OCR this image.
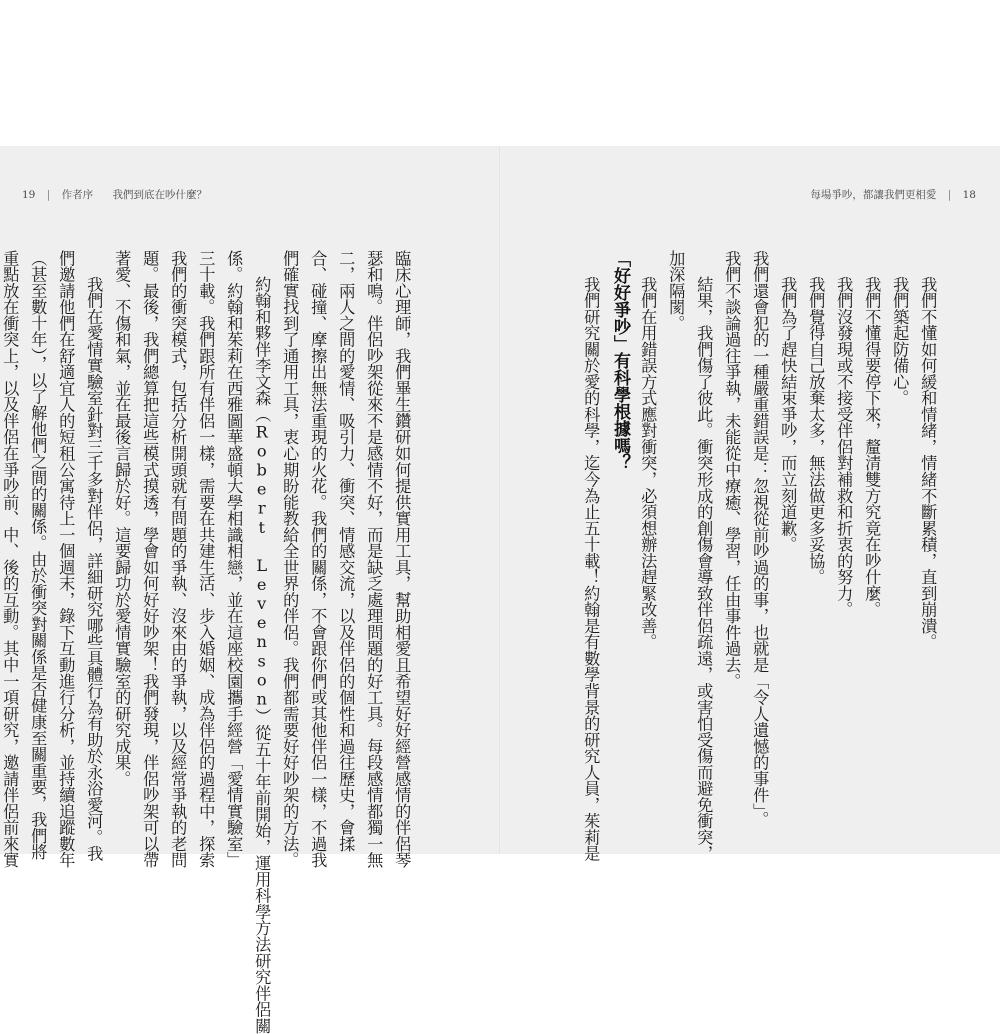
19 | 作者序 我們到底在吵什麼？	每場爭吵，都讓我們更相愛 | 18

我們不懂如何緩和情緒，情緒不斷累積，直到崩潰。

我們築起防備心。

我們不懂得要停下來，釐清雙方究竟在吵什麼。

我們沒發現或不接受伴侶對補救和折衷的努力。

我們覺得自己放棄太多，無法做更多妥協。

我們為了趕快結束爭吵，而立刻道歉。

我們還會犯的一種嚴重錯誤是：忽視從前吵過的事，也就是「令人遺憾的事件」。

我們不談論過往爭執，未能從中療癒、學習，任由事件過去。

結果，我們傷了彼此。衝突形成的創傷會導致伴侶疏遠，或害怕受傷而避免衝突，

加深隔閡。

我們在用錯誤方式應對衝突，必須想辦法趕緊改善。

「好好爭吵」有科學根據嗎？

我們研究關於愛的科學，迄今為止五十載！約翰是有數學背景的研究人員，茱莉是

臨床心理師，我們畢生鑽研如何提供實用工具，幫助相愛且希望好好經營感情的伴侶琴

瑟和鳴。伴侶吵架從來不是感情不好，而是缺乏處理問題的好工具。每段感情都獨一無

二，兩人之間的愛情、吸引力、衝突、情感交流，以及伴侶的個性和過往歷史，會揉

合、碰撞、摩擦出無法重現的火花。我們的關係，不會跟你們或其他伴侶一樣，不過我

們確實找到了通用工具，衷心期盼能教給全世界的伴侶。我們都需要好好吵架的方法。

約翰和夥伴李文森（Robert Levenson）從五十年前開始，運用科學方法研究伴侶關

係。約翰和茱莉在西雅圖華盛頓大學相識相戀，並在這座校園攜手經營「愛情實驗室」

三十載。我們跟所有伴侶一樣，需要在共建生活、步入婚姻、成為伴侶的過程中，探索

我們的衝突模式，包括分析開頭就有問題的爭執、沒來由的爭執，以及經常爭執的老問

題。最後，我們總算把這些模式摸透，學會如何好好吵架！我們發現，伴侶吵架可以帶

著愛、不傷和氣，並在最後言歸於好。這要歸功於愛情實驗室的研究成果。

我們在愛情實驗室針對三千多對伴侶，詳細研究哪些具體行為有助於永浴愛河。我

們邀請他們在舒適宜人的短租公寓待上一個週末，錄下互動進行分析，並持續追蹤數年

（甚至數十年），以了解他們之間的關係。由於衝突對關係是否健康至關重要，我們將

重點放在衝突上，以及伴侶在爭吵前、中、後的互動。其中一項研究，邀請伴侶前來實
